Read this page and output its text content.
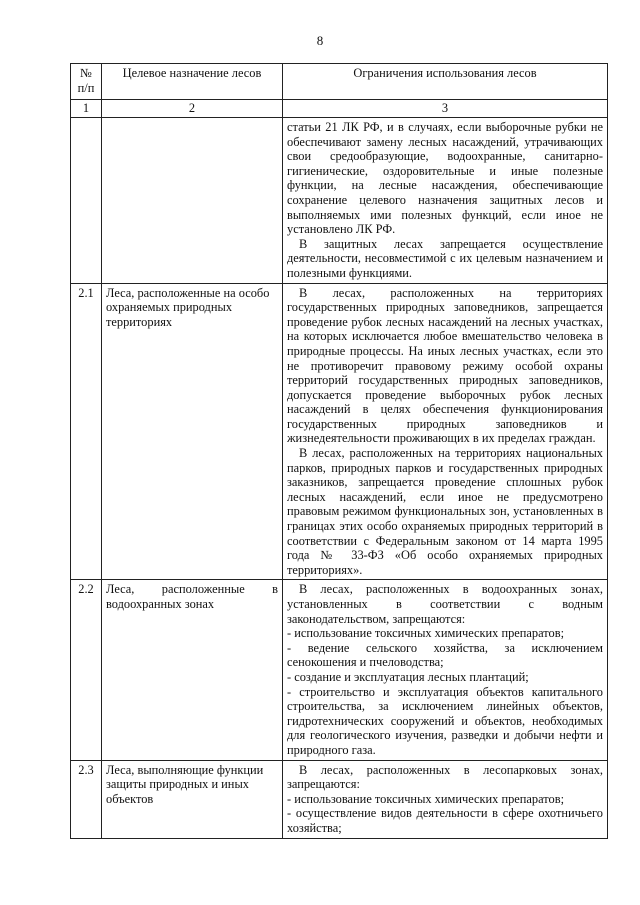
8
№ п/п	Целевое назначение лесов	Ограничения использования лесов
1	2	3

		статьи 21 ЛК РФ, и в случаях, если выборочные рубки не обеспечивают замену лесных насаждений, утрачивающих свои средообразующие, водоохранные, санитарно-гигиенические, оздоровительные и иные полезные функции, на лесные насаждения, обеспечивающие сохранение целевого назначения защитных лесов и выполняемых ими полезных функций, если иное не установлено ЛК РФ.

В защитных лесах запрещается осуществление деятельности, несовместимой с их целевым назначением и полезными функциями.

2.1	Леса, расположенные на особо охраняемых природных территориях	В лесах, расположенных на территориях государственных природных заповедников, запрещается проведение рубок лесных насаждений на лесных участках, на которых исключается любое вмешательство человека в природные процессы. На иных лесных участках, если это не противоречит правовому режиму особой охраны территорий государственных природных заповедников, допускается проведение выборочных рубок лесных насаждений в целях обеспечения функционирования государственных природных заповедников и жизнедеятельности проживающих в их пределах граждан.

В лесах, расположенных на территориях национальных парков, природных парков и государственных природных заказников, запрещается проведение сплошных рубок лесных насаждений, если иное не предусмотрено правовым режимом функциональных зон, установленных в границах этих особо охраняемых природных территорий в соответствии с Федеральным законом от 14 марта 1995 года № 33-ФЗ «Об особо охраняемых природных территориях».

2.2	Леса, расположенные в водоохранных зонах	В лесах, расположенных в водоохранных зонах, установленных в соответствии с водным законодательством, запрещаются:

- использование токсичных химических препаратов;

- ведение сельского хозяйства, за исключением сенокошения и пчеловодства;

- создание и эксплуатация лесных плантаций;

- строительство и эксплуатация объектов капитального строительства, за исключением линейных объектов, гидротехнических сооружений и объектов, необходимых для геологического изучения, разведки и добычи нефти и природного газа.

2.3	Леса, выполняющие функции защиты природных и иных объектов	В лесах, расположенных в лесопарковых зонах, запрещаются:

- использование токсичных химических препаратов;

- осуществление видов деятельности в сфере охотничьего хозяйства;
